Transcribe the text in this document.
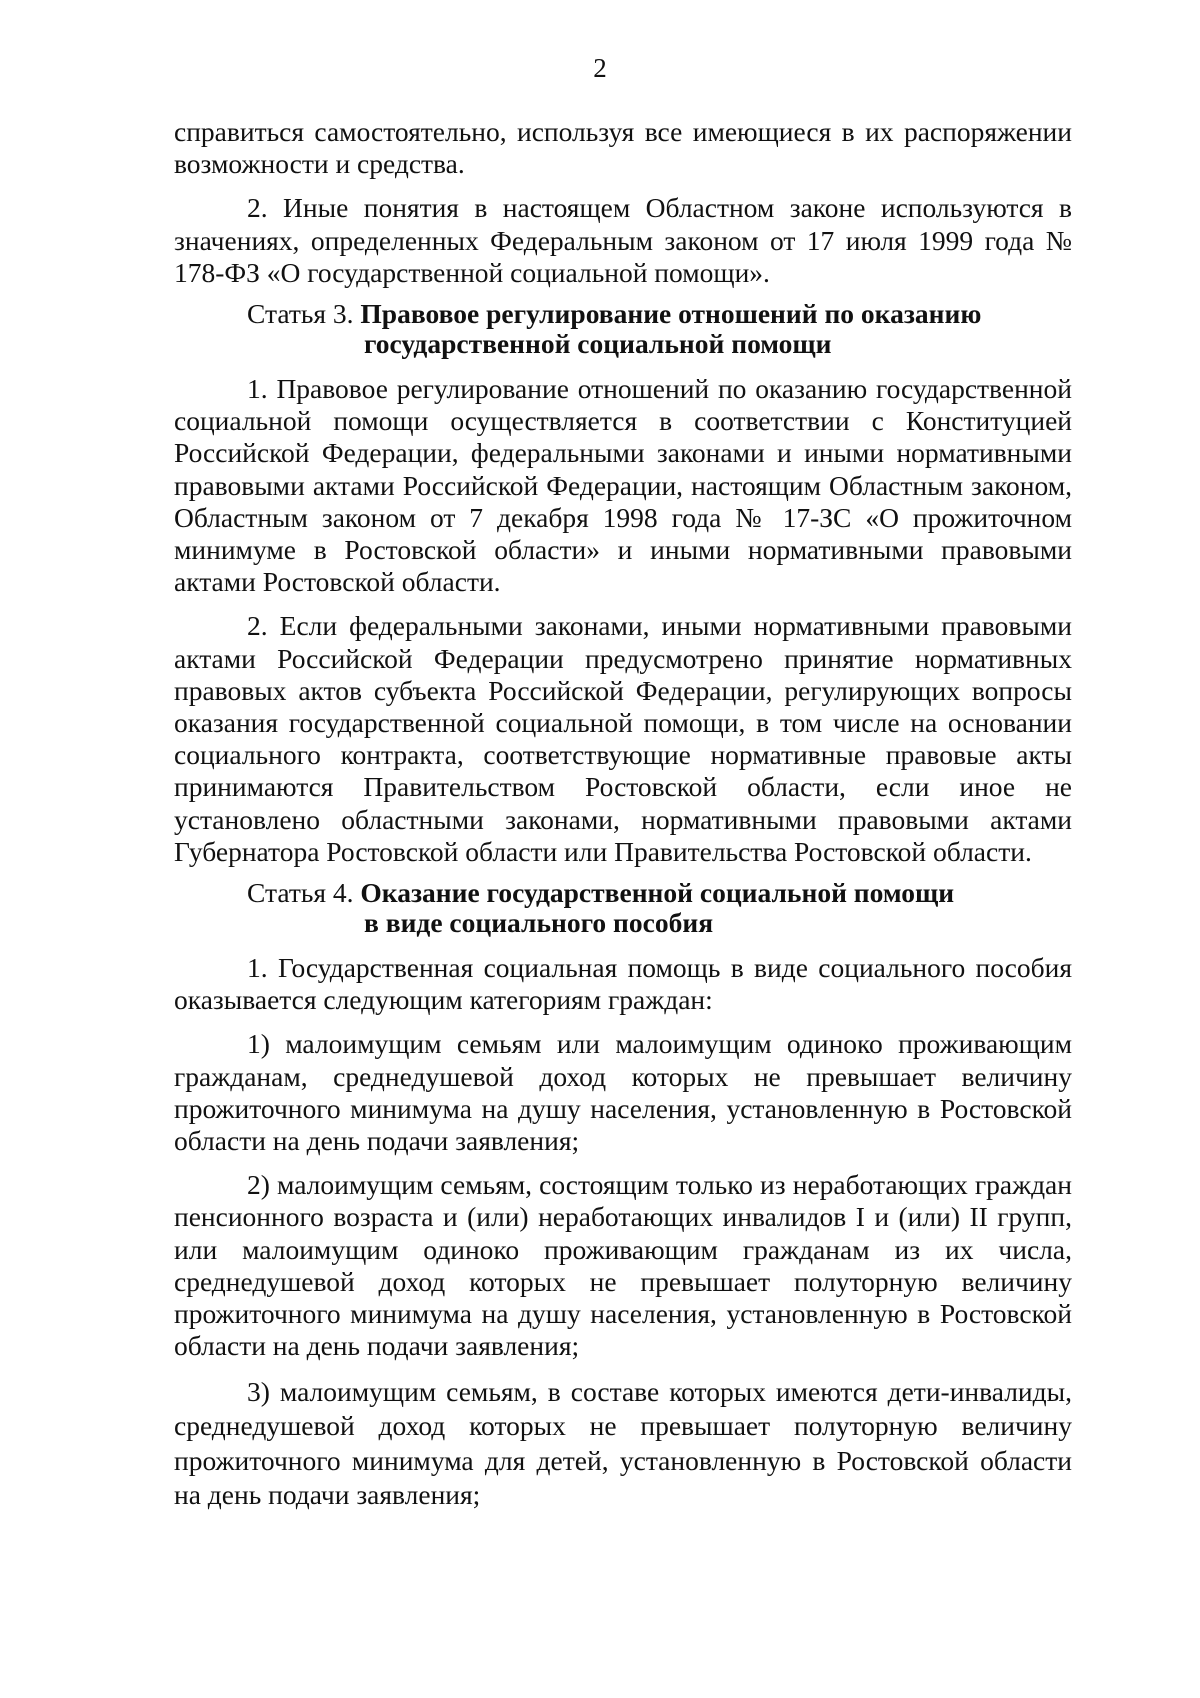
2

справиться самостоятельно, используя все имеющиеся в их распоряжении возможности и средства.

2. Иные понятия в настоящем Областном законе используются в значениях, определенных Федеральным законом от 17 июля 1999 года № 178-ФЗ «О государственной социальной помощи».

Статья 3. Правовое регулирование отношений по оказанию
государственной социальной помощи

1. Правовое регулирование отношений по оказанию государственной социальной помощи осуществляется в соответствии с Конституцией Российской Федерации, федеральными законами и иными нормативными правовыми актами Российской Федерации, настоящим Областным законом, Областным законом от 7 декабря 1998 года № 17-ЗС «О прожиточном минимуме в Ростовской области» и иными нормативными правовыми актами Ростовской области.

2. Если федеральными законами, иными нормативными правовыми актами Российской Федерации предусмотрено принятие нормативных правовых актов субъекта Российской Федерации, регулирующих вопросы оказания государственной социальной помощи, в том числе на основании социального контракта, соответствующие нормативные правовые акты принимаются Правительством Ростовской области, если иное не установлено областными законами, нормативными правовыми актами Губернатора Ростовской области или Правительства Ростовской области.

Статья 4. Оказание государственной социальной помощи
в виде социального пособия

1. Государственная социальная помощь в виде социального пособия оказывается следующим категориям граждан:

1) малоимущим семьям или малоимущим одиноко проживающим гражданам, среднедушевой доход которых не превышает величину прожиточного минимума на душу населения, установленную в Ростовской области на день подачи заявления;

2) малоимущим семьям, состоящим только из неработающих граждан пенсионного возраста и (или) неработающих инвалидов I и (или) II групп, или малоимущим одиноко проживающим гражданам из их числа, среднедушевой доход которых не превышает полуторную величину прожиточного минимума на душу населения, установленную в Ростовской области на день подачи заявления;

3) малоимущим семьям, в составе которых имеются дети-инвалиды, среднедушевой доход которых не превышает полуторную величину прожиточного минимума для детей, установленную в Ростовской области на день подачи заявления;
